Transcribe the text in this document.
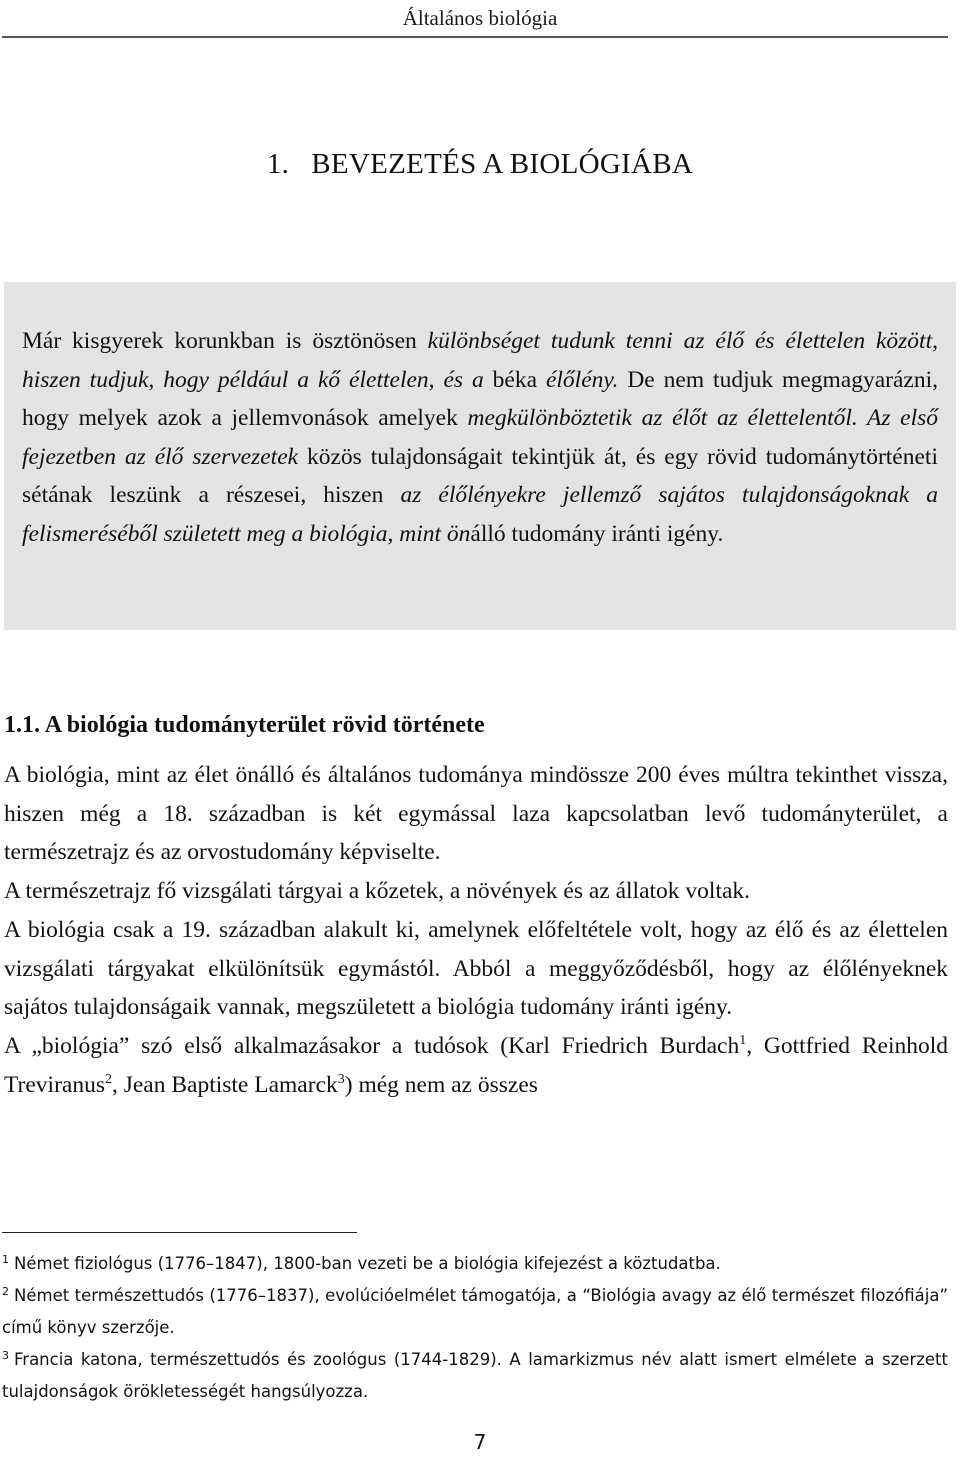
Általános biológia
1. BEVEZETÉS A BIOLÓGIÁBA
Már kisgyerek korunkban is ösztönösen különbséget tudunk tenni az élő és élettelen között, hiszen tudjuk, hogy például a kő élettelen, és a béka élőlény. De nem tudjuk megmagyarázni, hogy melyek azok a jellemvonások amelyek megkülönböztetik az élőt az élettelentől. Az első fejezetben az élő szervezetek közös tulajdonságait tekintjük át, és egy rövid tudománytörténeti sétának leszünk a részesei, hiszen az élőlényekre jellemző sajátos tulajdonságoknak a felismeréséből született meg a biológia, mint önálló tudomány iránti igény.
1.1. A biológia tudományterület rövid története

A biológia, mint az élet önálló és általános tudománya mindössze 200 éves múltra tekinthet vissza, hiszen még a 18. században is két egymással laza kapcsolatban levő tudományterület, a természetrajz és az orvostudomány képviselte.

A természetrajz fő vizsgálati tárgyai a kőzetek, a növények és az állatok voltak.

A biológia csak a 19. században alakult ki, amelynek előfeltétele volt, hogy az élő és az élettelen vizsgálati tárgyakat elkülönítsük egymástól. Abból a meggyőződésből, hogy az élőlényeknek sajátos tulajdonságaik vannak, megszületett a biológia tudomány iránti igény.

A „biológia” szó első alkalmazásakor a tudósok (Karl Friedrich Burdach$^1$, Gottfried Reinhold Treviranus$^2$, Jean Baptiste Lamarck$^3$) még nem az összes

$^1$ Német fiziológus (1776–1847), 1800-ban vezeti be a biológia kifejezést a köztudatba.

$^2$ Német természettudós (1776–1837), evolúcióelmélet támogatója, a “Biológia avagy az élő természet filozófiája” című könyv szerzője.

$^3$ Francia katona, természettudós és zoológus (1744-1829). A lamarkizmus név alatt ismert elmélete a szerzett tulajdonságok örökletességét hangsúlyozza.

7
